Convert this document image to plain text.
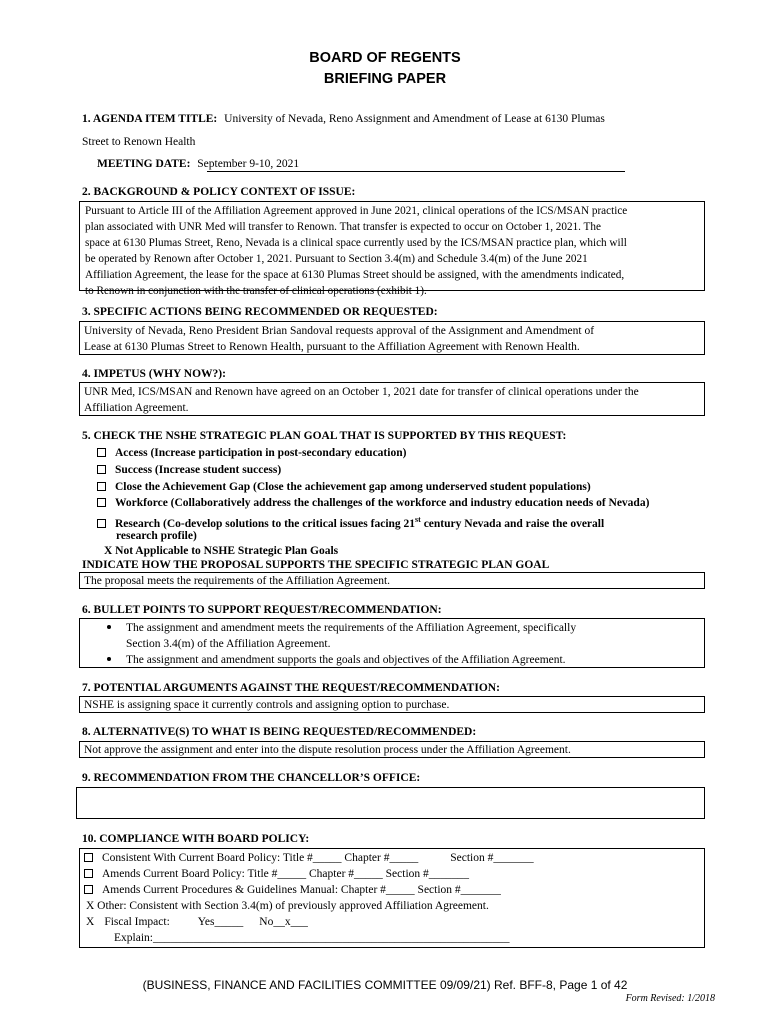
BOARD OF REGENTS
BRIEFING PAPER
1. AGENDA ITEM TITLE: University of Nevada, Reno Assignment and Amendment of Lease at 6130 Plumas
Street to Renown Health
MEETING DATE: September 9-10, 2021
2. BACKGROUND & POLICY CONTEXT OF ISSUE:
Pursuant to Article III of the Affiliation Agreement approved in June 2021, clinical operations of the ICS/MSAN practice
plan associated with UNR Med will transfer to Renown. That transfer is expected to occur on October 1, 2021. The
space at 6130 Plumas Street, Reno, Nevada is a clinical space currently used by the ICS/MSAN practice plan, which will
be operated by Renown after October 1, 2021. Pursuant to Section 3.4(m) and Schedule 3.4(m) of the June 2021
Affiliation Agreement, the lease for the space at 6130 Plumas Street should be assigned, with the amendments indicated,
to Renown in conjunction with the transfer of clinical operations (exhibit 1).
3. SPECIFIC ACTIONS BEING RECOMMENDED OR REQUESTED:
University of Nevada, Reno President Brian Sandoval requests approval of the Assignment and Amendment of
Lease at 6130 Plumas Street to Renown Health, pursuant to the Affiliation Agreement with Renown Health.
4. IMPETUS (WHY NOW?):
UNR Med, ICS/MSAN and Renown have agreed on an October 1, 2021 date for transfer of clinical operations under the
Affiliation Agreement.
5. CHECK THE NSHE STRATEGIC PLAN GOAL THAT IS SUPPORTED BY THIS REQUEST:
Access (Increase participation in post-secondary education)
Success (Increase student success)
Close the Achievement Gap (Close the achievement gap among underserved student populations)
Workforce (Collaboratively address the challenges of the workforce and industry education needs of Nevada)
Research (Co-develop solutions to the critical issues facing 21st century Nevada and raise the overall
research profile)
X Not Applicable to NSHE Strategic Plan Goals
INDICATE HOW THE PROPOSAL SUPPORTS THE SPECIFIC STRATEGIC PLAN GOAL
The proposal meets the requirements of the Affiliation Agreement.
6. BULLET POINTS TO SUPPORT REQUEST/RECOMMENDATION:
The assignment and amendment meets the requirements of the Affiliation Agreement, specifically
Section 3.4(m) of the Affiliation Agreement.
The assignment and amendment supports the goals and objectives of the Affiliation Agreement.
7. POTENTIAL ARGUMENTS AGAINST THE REQUEST/RECOMMENDATION:
NSHE is assigning space it currently controls and assigning option to purchase.
8. ALTERNATIVE(S) TO WHAT IS BEING REQUESTED/RECOMMENDED:
Not approve the assignment and enter into the dispute resolution process under the Affiliation Agreement.
9. RECOMMENDATION FROM THE CHANCELLOR’S OFFICE:
10. COMPLIANCE WITH BOARD POLICY:
Consistent With Current Board Policy: Title #_____ Chapter #_____	Section #_______
Amends Current Board Policy: Title #_____ Chapter #_____ Section #_______
Amends Current Procedures & Guidelines Manual: Chapter #_____ Section #_______
X Other: Consistent with Section 3.4(m) of previously approved Affiliation Agreement.
X Fiscal Impact: Yes_____ No__x___
Explain:______________________________________________________________
(BUSINESS, FINANCE AND FACILITIES COMMITTEE 09/09/21) Ref. BFF-8, Page 1 of 42
Form Revised: 1/2018
